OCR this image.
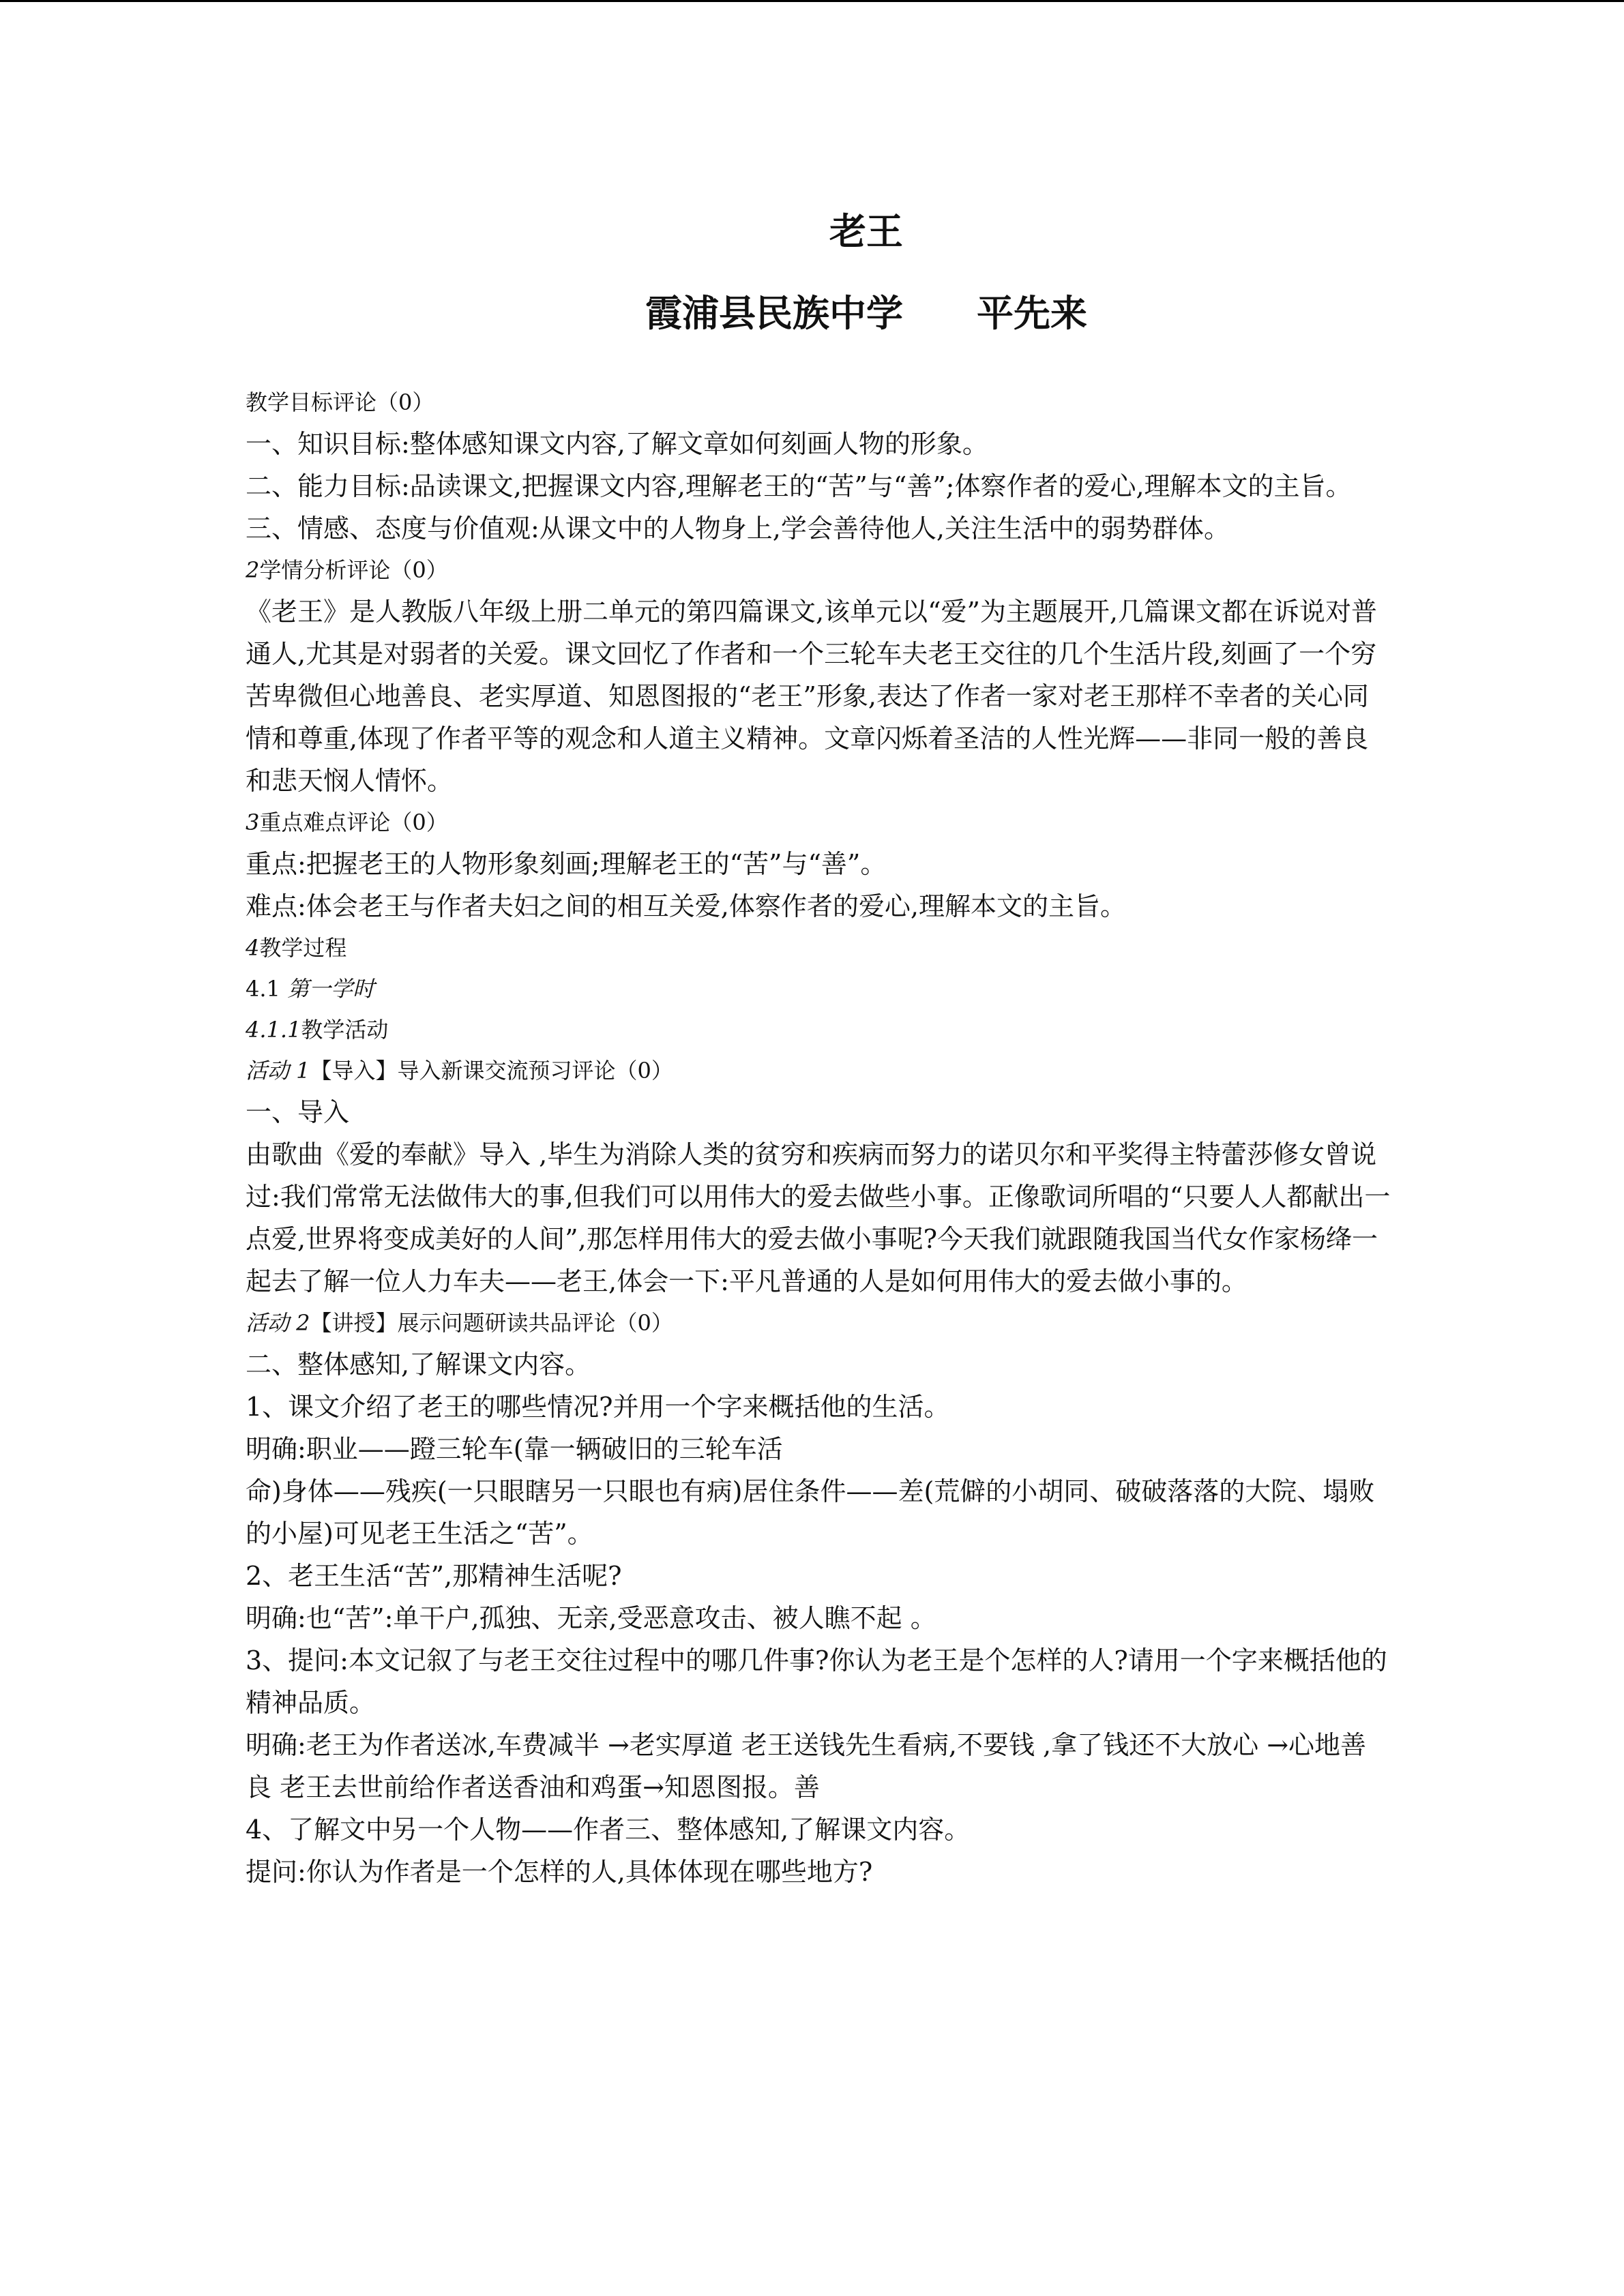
老王
霞浦县民族中学　　平先来
教学目标评论（0）

一、知识目标:整体感知课文内容,了解文章如何刻画人物的形象。

二、能力目标:品读课文,把握课文内容,理解老王的“苦”与“善”;体察作者的爱心,理解本文的主旨。

三、情感、态度与价值观:从课文中的人物身上,学会善待他人,关注生活中的弱势群体。

2学情分析评论（0）

《老王》是人教版八年级上册二单元的第四篇课文,该单元以“爱”为主题展开,几篇课文都在诉说对普通人,尤其是对弱者的关爱。课文回忆了作者和一个三轮车夫老王交往的几个生活片段,刻画了一个穷苦卑微但心地善良、老实厚道、知恩图报的“老王”形象,表达了作者一家对老王那样不幸者的关心同情和尊重,体现了作者平等的观念和人道主义精神。文章闪烁着圣洁的人性光辉——非同一般的善良和悲天悯人情怀。

3重点难点评论（0）

重点:把握老王的人物形象刻画;理解老王的“苦”与“善”。

难点:体会老王与作者夫妇之间的相互关爱,体察作者的爱心,理解本文的主旨。

4教学过程
4.1 第一学时
4.1.1教学活动
活动 1【导入】导入新课交流预习评论（0）

一、导入

由歌曲《爱的奉献》导入 ,毕生为消除人类的贫穷和疾病而努力的诺贝尔和平奖得主特蕾莎修女曾说过:我们常常无法做伟大的事,但我们可以用伟大的爱去做些小事。正像歌词所唱的“只要人人都献出一点爱,世界将变成美好的人间”,那怎样用伟大的爱去做小事呢?今天我们就跟随我国当代女作家杨绛一起去了解一位人力车夫——老王,体会一下:平凡普通的人是如何用伟大的爱去做小事的。

活动 2【讲授】展示问题研读共品评论（0）

二、整体感知,了解课文内容。

1、课文介绍了老王的哪些情况?并用一个字来概括他的生活。

明确:职业——蹬三轮车(靠一辆破旧的三轮车活

命)身体——残疾(一只眼瞎另一只眼也有病)居住条件——差(荒僻的小胡同、破破落落的大院、塌败的小屋)可见老王生活之“苦”。

2、老王生活“苦”,那精神生活呢?

明确:也“苦”:单干户,孤独、无亲,受恶意攻击、被人瞧不起 。

3、提问:本文记叙了与老王交往过程中的哪几件事?你认为老王是个怎样的人?请用一个字来概括他的精神品质。

明确:老王为作者送冰,车费减半 →老实厚道 老王送钱先生看病,不要钱 ,拿了钱还不大放心 →心地善良 老王去世前给作者送香油和鸡蛋→知恩图报。善

4、了解文中另一个人物——作者三、整体感知,了解课文内容。

提问:你认为作者是一个怎样的人,具体体现在哪些地方?
